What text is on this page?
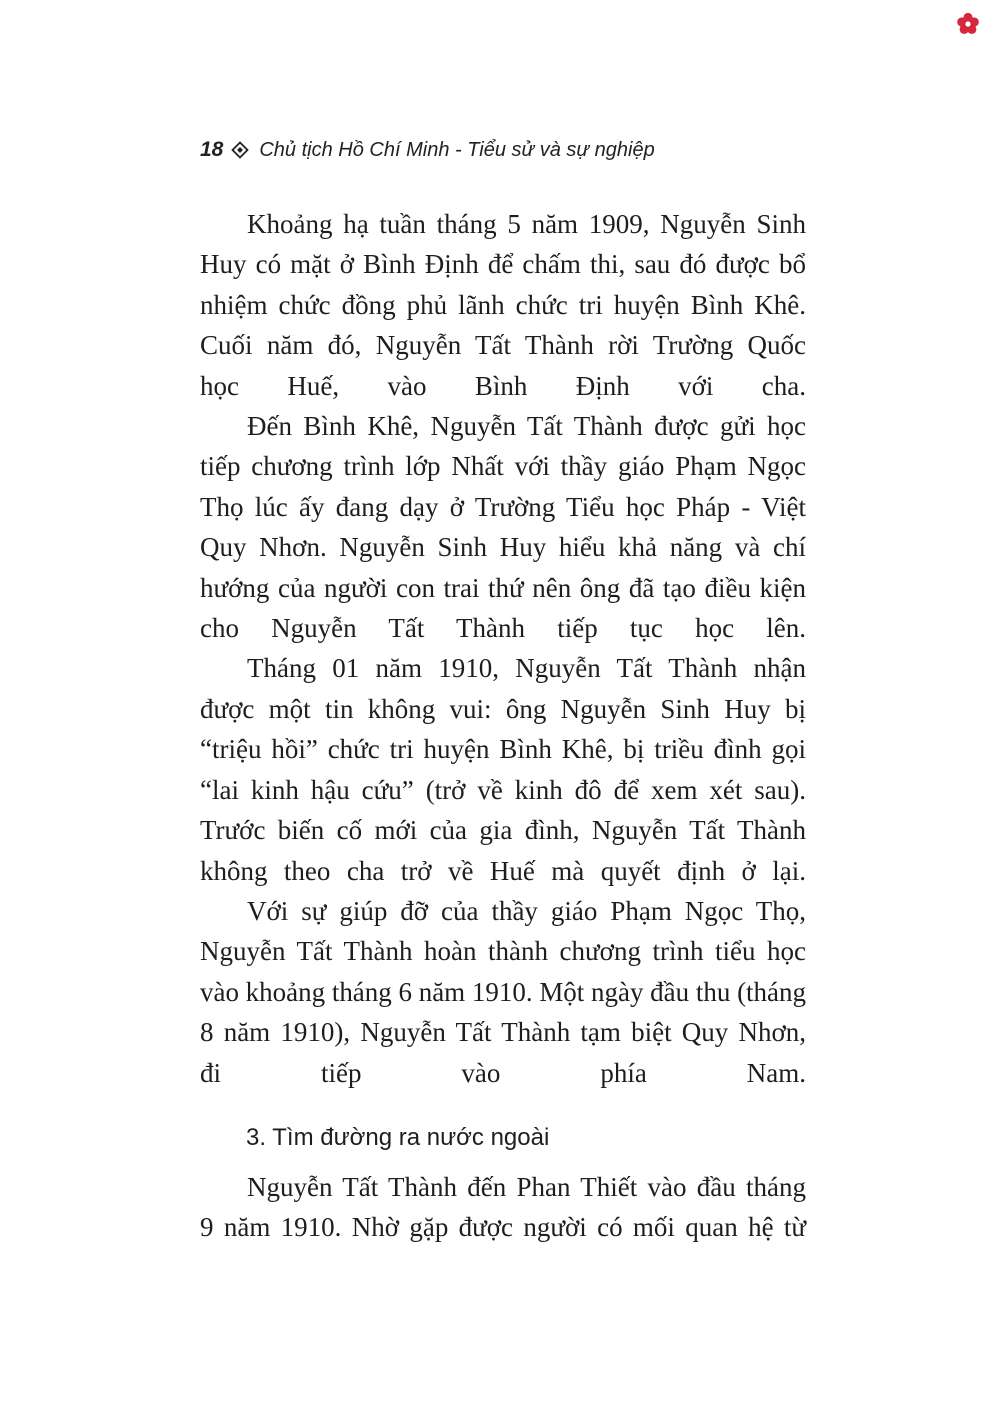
18 Chủ tịch Hồ Chí Minh - Tiểu sử và sự nghiệp
Khoảng hạ tuần tháng 5 năm 1909, Nguyễn Sinh
Huy có mặt ở Bình Định để chấm thi, sau đó được bổ
nhiệm chức đồng phủ lãnh chức tri huyện Bình Khê.
Cuối năm đó, Nguyễn Tất Thành rời Trường Quốc
học Huế, vào Bình Định với cha.
Đến Bình Khê, Nguyễn Tất Thành được gửi học
tiếp chương trình lớp Nhất với thầy giáo Phạm Ngọc
Thọ lúc ấy đang dạy ở Trường Tiểu học Pháp - Việt
Quy Nhơn. Nguyễn Sinh Huy hiểu khả năng và chí
hướng của người con trai thứ nên ông đã tạo điều kiện
cho Nguyễn Tất Thành tiếp tục học lên.
Tháng 01 năm 1910, Nguyễn Tất Thành nhận
được một tin không vui: ông Nguyễn Sinh Huy bị
“triệu hồi” chức tri huyện Bình Khê, bị triều đình gọi
“lai kinh hậu cứu” (trở về kinh đô để xem xét sau).
Trước biến cố mới của gia đình, Nguyễn Tất Thành
không theo cha trở về Huế mà quyết định ở lại.
Với sự giúp đỡ của thầy giáo Phạm Ngọc Thọ,
Nguyễn Tất Thành hoàn thành chương trình tiểu học
vào khoảng tháng 6 năm 1910. Một ngày đầu thu (tháng
8 năm 1910), Nguyễn Tất Thành tạm biệt Quy Nhơn,
đi tiếp vào phía Nam.
3. Tìm đường ra nước ngoài
Nguyễn Tất Thành đến Phan Thiết vào đầu tháng
9 năm 1910. Nhờ gặp được người có mối quan hệ từ
